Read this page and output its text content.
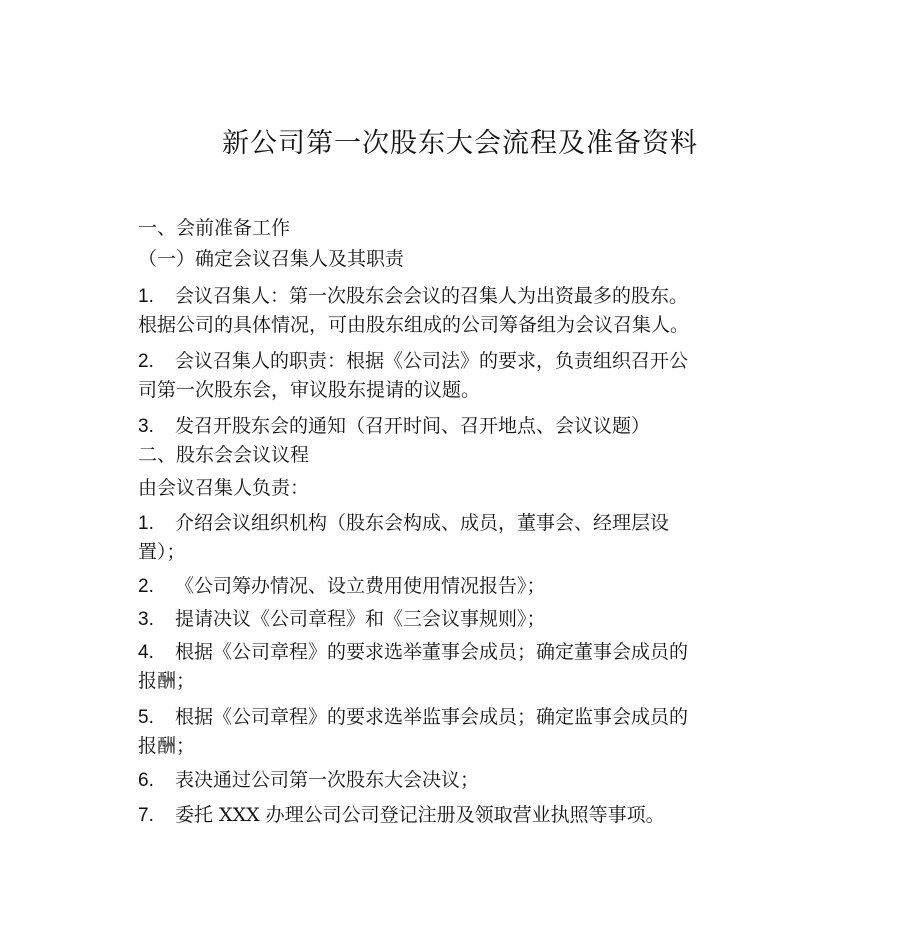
新公司第一次股东大会流程及准备资料

一、会前准备工作

（一）确定会议召集人及其职责

1. 会议召集人：第一次股东会会议的召集人为出资最多的股东。根据公司的具体情况，可由股东组成的公司筹备组为会议召集人。

2. 会议召集人的职责：根据《公司法》的要求，负责组织召开公司第一次股东会，审议股东提请的议题。

3. 发召开股东会的通知（召开时间、召开地点、会议议题）

二、股东会会议议程

由会议召集人负责：

1. 介绍会议组织机构（股东会构成、成员，董事会、经理层设置）；

2. 《公司筹办情况、设立费用使用情况报告》；

3. 提请决议《公司章程》和《三会议事规则》；

4. 根据《公司章程》的要求选举董事会成员；确定董事会成员的报酬；

5. 根据《公司章程》的要求选举监事会成员；确定监事会成员的报酬；

6. 表决通过公司第一次股东大会决议；

7. 委托 XXX 办理公司公司登记注册及领取营业执照等事项。
